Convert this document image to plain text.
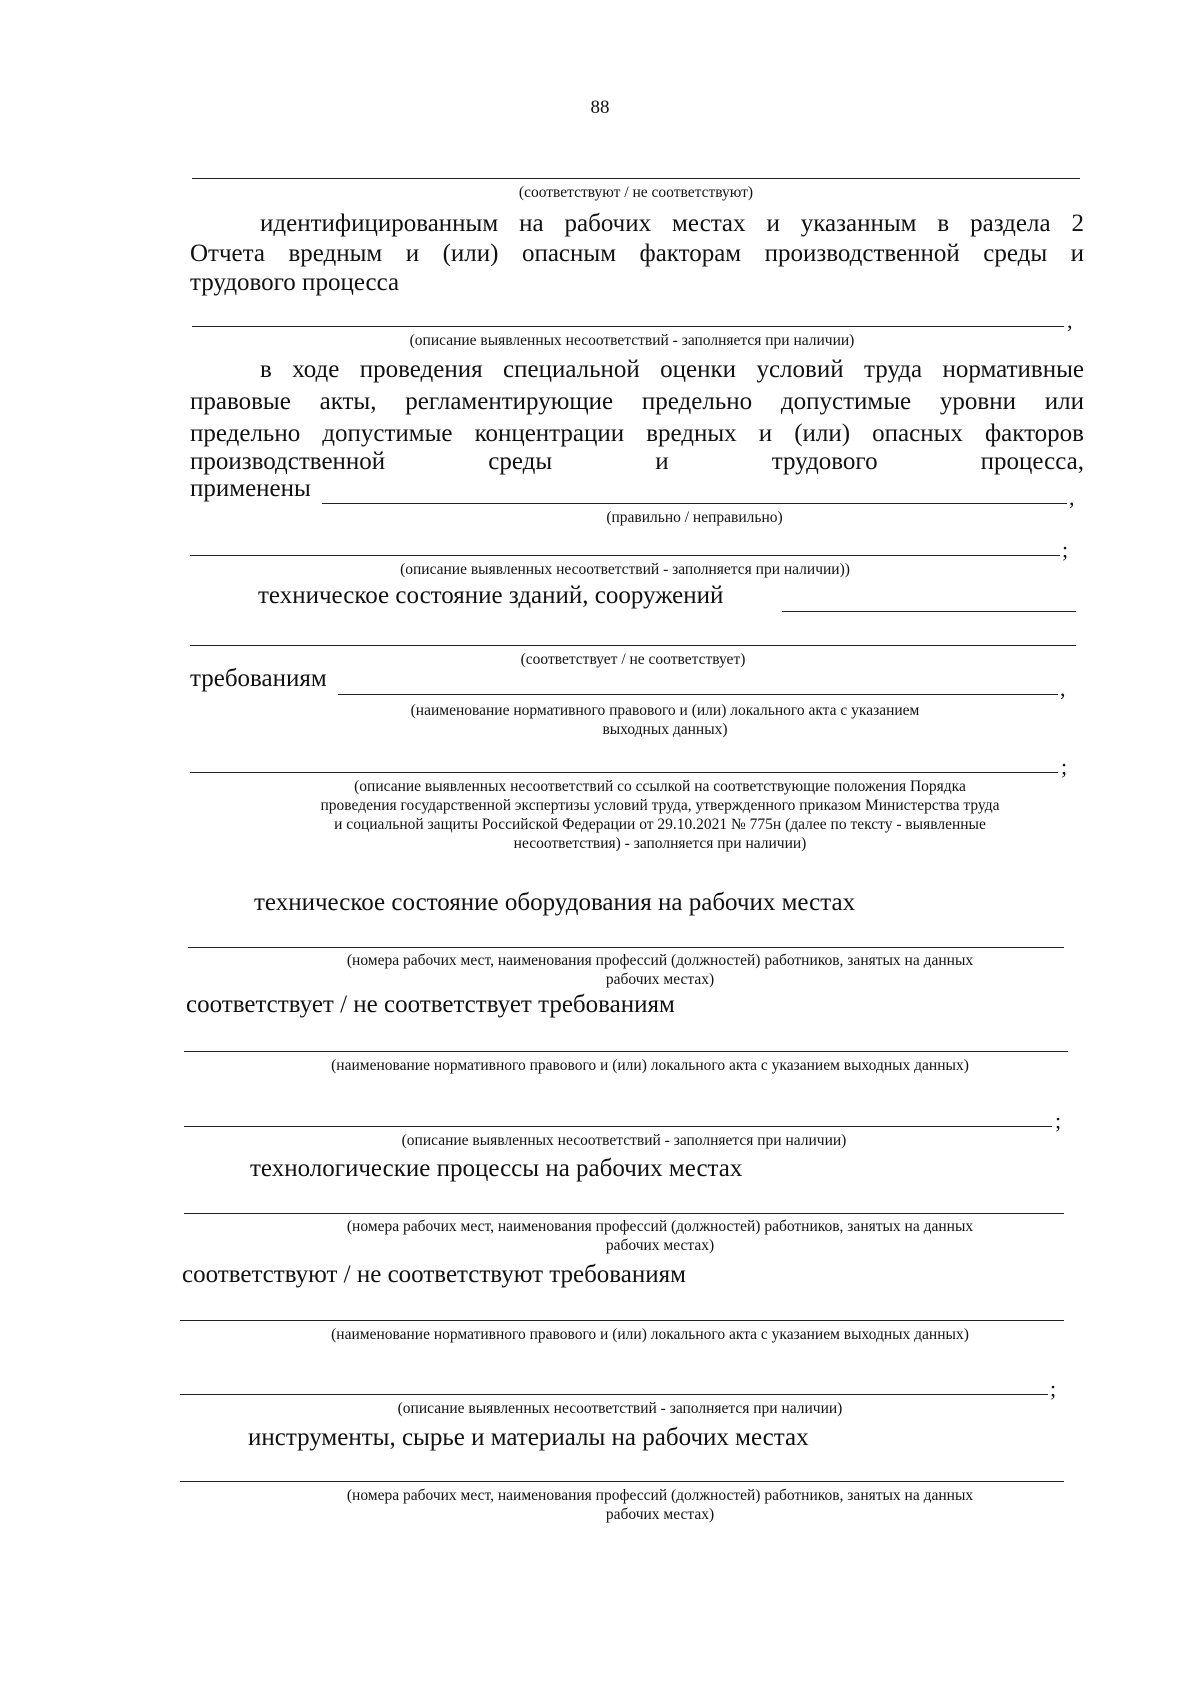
88
(соответствуют / не соответствуют)
идентифицированным на рабочих местах и указанным в раздела 2
Отчета вредным и (или) опасным факторам производственной среды и
трудового процесса
,
(описание выявленных несоответствий - заполняется при наличии)
в ходе проведения специальной оценки условий труда нормативные
правовые акты, регламентирующие предельно допустимые уровни или
предельно допустимые концентрации вредных и (или) опасных факторов
производственной среды и трудового процесса,
применены	,
(правильно / неправильно)
;
(описание выявленных несоответствий - заполняется при наличии))
техническое состояние зданий, сооружений
(соответствует / не соответствует)
требованиям	,
(наименование нормативного правового и (или) локального акта с указанием выходных данных)
;
(описание выявленных несоответствий со ссылкой на соответствующие положения Порядка проведения государственной экспертизы условий труда, утвержденного приказом Министерства труда и социальной защиты Российской Федерации от 29.10.2021 № 775н (далее по тексту - выявленные несоответствия) - заполняется при наличии)
техническое состояние оборудования на рабочих местах
(номера рабочих мест, наименования профессий (должностей) работников, занятых на данных рабочих местах)
соответствует / не соответствует требованиям
(наименование нормативного правового и (или) локального акта с указанием выходных данных)
;
(описание выявленных несоответствий - заполняется при наличии)
технологические процессы на рабочих местах
(номера рабочих мест, наименования профессий (должностей) работников, занятых на данных рабочих местах)
соответствуют / не соответствуют требованиям
(наименование нормативного правового и (или) локального акта с указанием выходных данных)
;
(описание выявленных несоответствий - заполняется при наличии)
инструменты, сырье и материалы на рабочих местах
(номера рабочих мест, наименования профессий (должностей) работников, занятых на данных рабочих местах)
